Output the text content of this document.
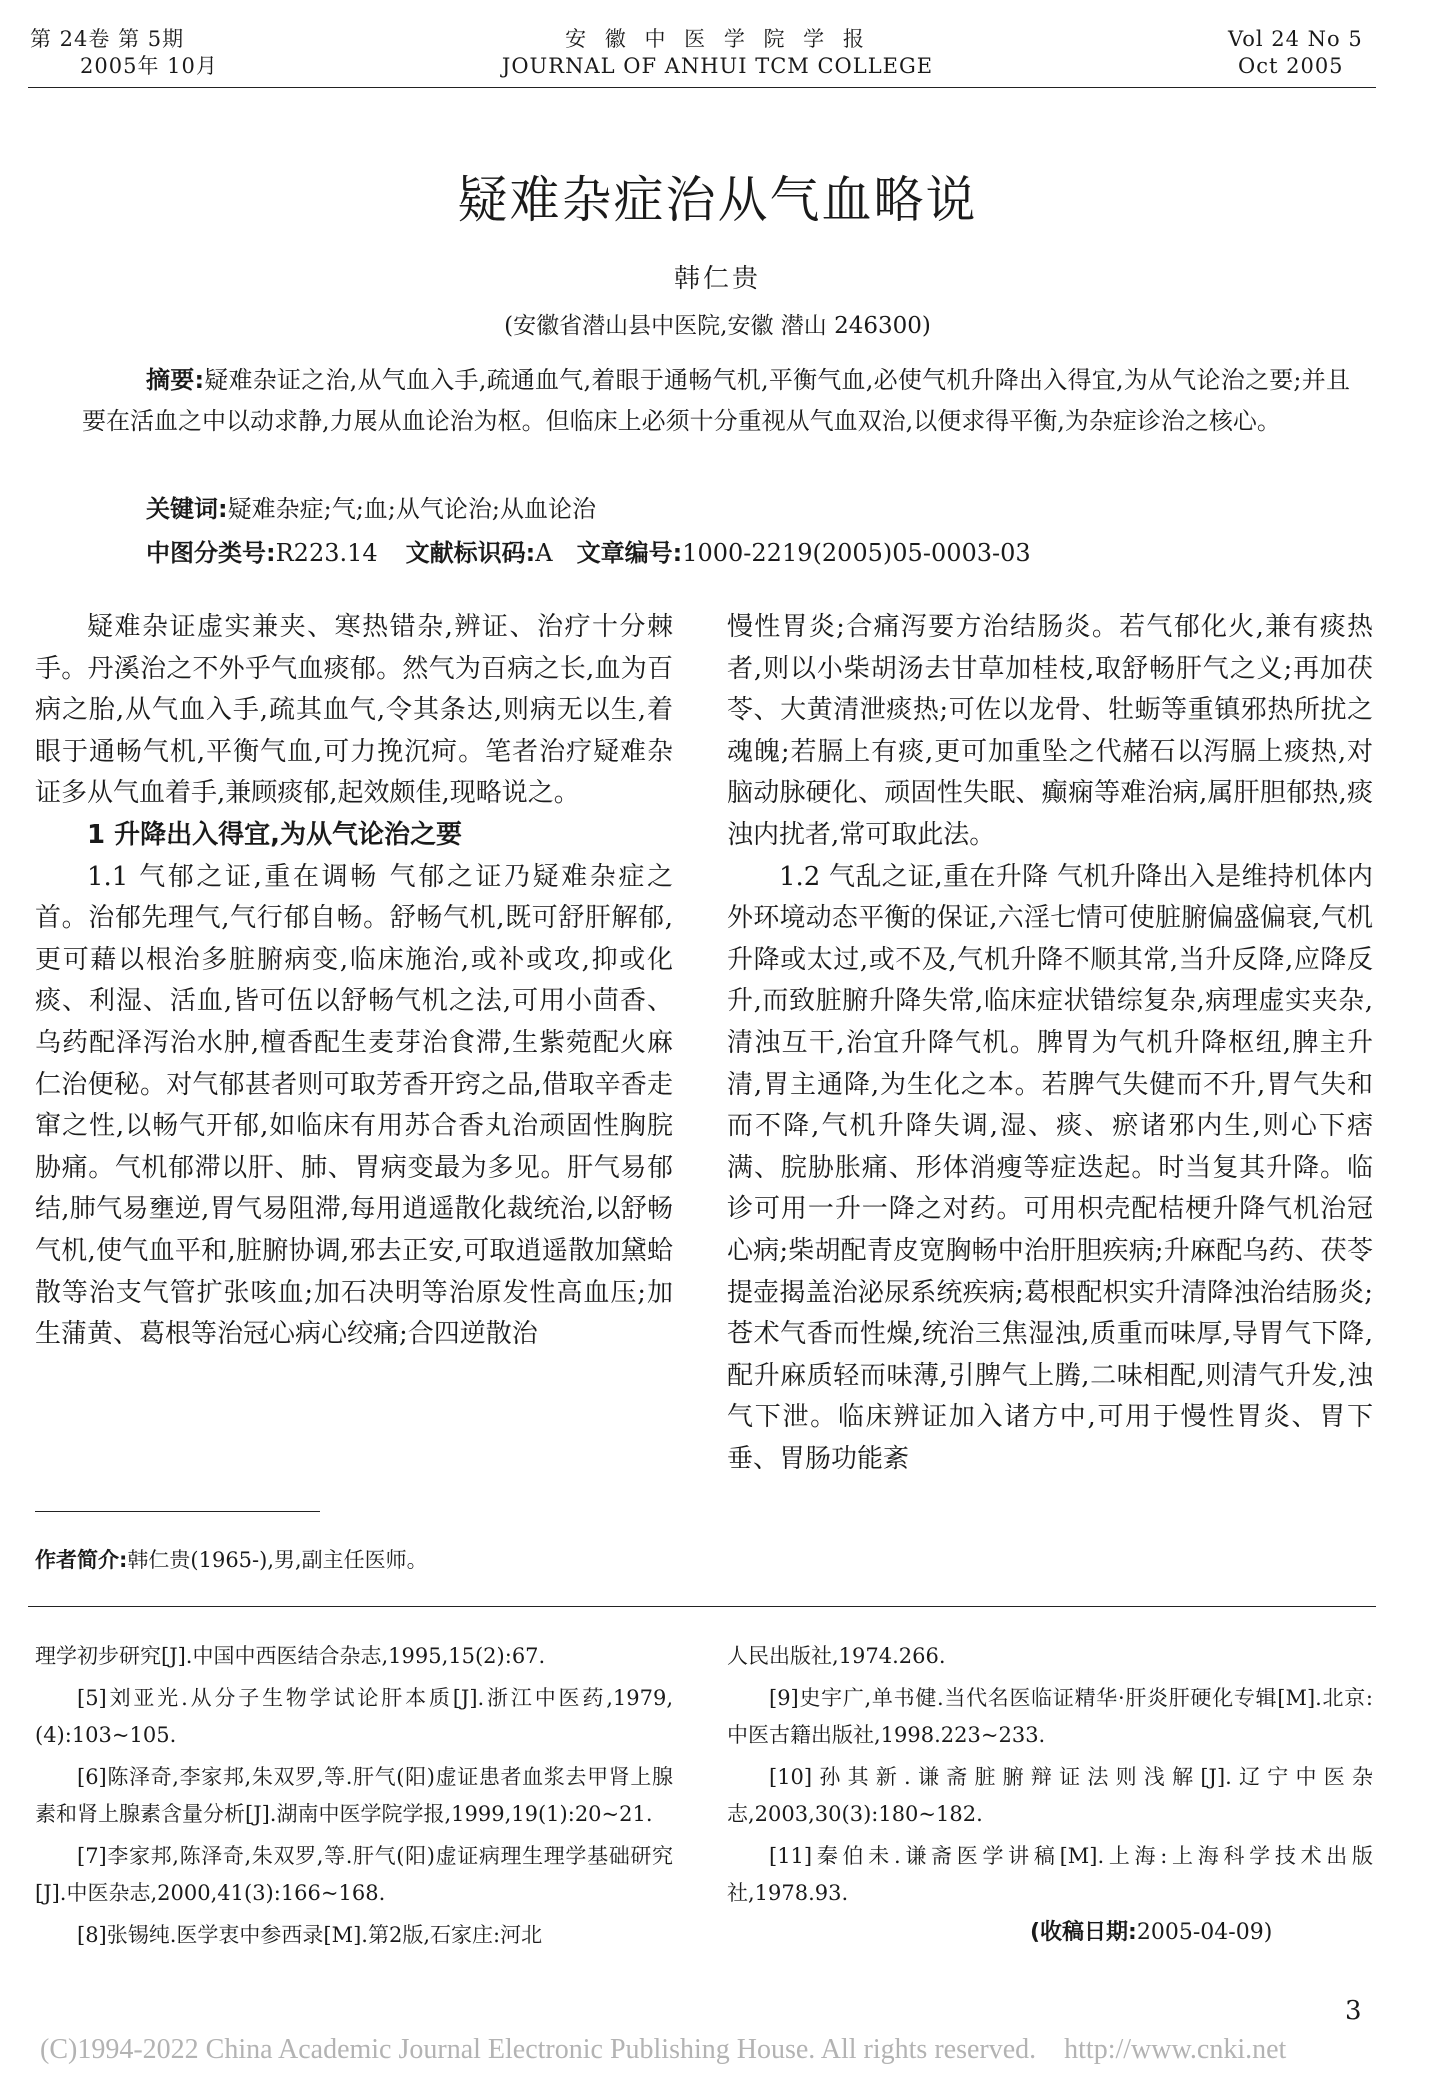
第 24卷 第 5期
2005年 10月
安 徽 中 医 学 院 学 报
JOURNAL OF ANHUI TCM COLLEGE
Vol 24 No 5
Oct 2005
疑难杂症治从气血略说
韩仁贵
(安徽省潜山县中医院,安徽 潜山 246300)
摘要:疑难杂证之治,从气血入手,疏通血气,着眼于通畅气机,平衡气血,必使气机升降出入得宜,为从气论治之要;并且要在活血之中以动求静,力展从血论治为枢。但临床上必须十分重视从气血双治,以便求得平衡,为杂症诊治之核心。
关键词:疑难杂症;气;血;从气论治;从血论治
中图分类号:R223.14 文献标识码:A 文章编号:1000-2219(2005)05-0003-03

疑难杂证虚实兼夹、寒热错杂,辨证、治疗十分棘手。丹溪治之不外乎气血痰郁。然气为百病之长,血为百病之胎,从气血入手,疏其血气,令其条达,则病无以生,着眼于通畅气机,平衡气血,可力挽沉疴。笔者治疗疑难杂证多从气血着手,兼顾痰郁,起效颇佳,现略说之。

1 升降出入得宜,为从气论治之要

1.1 气郁之证,重在调畅 气郁之证乃疑难杂症之首。治郁先理气,气行郁自畅。舒畅气机,既可舒肝解郁,更可藉以根治多脏腑病变,临床施治,或补或攻,抑或化痰、利湿、活血,皆可伍以舒畅气机之法,可用小茴香、乌药配泽泻治水肿,檀香配生麦芽治食滞,生紫菀配火麻仁治便秘。对气郁甚者则可取芳香开窍之品,借取辛香走窜之性,以畅气开郁,如临床有用苏合香丸治顽固性胸脘胁痛。气机郁滞以肝、肺、胃病变最为多见。肝气易郁结,肺气易壅逆,胃气易阻滞,每用逍遥散化裁统治,以舒畅气机,使气血平和,脏腑协调,邪去正安,可取逍遥散加黛蛤散等治支气管扩张咳血;加石决明等治原发性高血压;加生蒲黄、葛根等治冠心病心绞痛;合四逆散治

慢性胃炎;合痛泻要方治结肠炎。若气郁化火,兼有痰热者,则以小柴胡汤去甘草加桂枝,取舒畅肝气之义;再加茯苓、大黄清泄痰热;可佐以龙骨、牡蛎等重镇邪热所扰之魂魄;若膈上有痰,更可加重坠之代赭石以泻膈上痰热,对脑动脉硬化、顽固性失眠、癫痫等难治病,属肝胆郁热,痰浊内扰者,常可取此法。

1.2 气乱之证,重在升降 气机升降出入是维持机体内外环境动态平衡的保证,六淫七情可使脏腑偏盛偏衰,气机升降或太过,或不及,气机升降不顺其常,当升反降,应降反升,而致脏腑升降失常,临床症状错综复杂,病理虚实夹杂,清浊互干,治宜升降气机。脾胃为气机升降枢纽,脾主升清,胃主通降,为生化之本。若脾气失健而不升,胃气失和而不降,气机升降失调,湿、痰、瘀诸邪内生,则心下痞满、脘胁胀痛、形体消瘦等症迭起。时当复其升降。临诊可用一升一降之对药。可用枳壳配桔梗升降气机治冠心病;柴胡配青皮宽胸畅中治肝胆疾病;升麻配乌药、茯苓提壶揭盖治泌尿系统疾病;葛根配枳实升清降浊治结肠炎;苍术气香而性燥,统治三焦湿浊,质重而味厚,导胃气下降,配升麻质轻而味薄,引脾气上腾,二味相配,则清气升发,浊气下泄。临床辨证加入诸方中,可用于慢性胃炎、胃下垂、胃肠功能紊

作者简介:韩仁贵(1965-),男,副主任医师。

理学初步研究[J].中国中西医结合杂志,1995,15(2):67.

[5]刘亚光.从分子生物学试论肝本质[J].浙江中医药,1979,(4):103~105.

[6]陈泽奇,李家邦,朱双罗,等.肝气(阳)虚证患者血浆去甲肾上腺素和肾上腺素含量分析[J].湖南中医学院学报,1999,19(1):20~21.

[7]李家邦,陈泽奇,朱双罗,等.肝气(阳)虚证病理生理学基础研究[J].中医杂志,2000,41(3):166~168.

[8]张锡纯.医学衷中参西录[M].第2版,石家庄:河北

人民出版社,1974.266.

[9]史宇广,单书健.当代名医临证精华·肝炎肝硬化专辑[M].北京:中医古籍出版社,1998.223~233.

[10]孙其新.谦斋脏腑辩证法则浅解[J].辽宁中医杂志,2003,30(3):180~182.

[11]秦伯未.谦斋医学讲稿[M].上海:上海科学技术出版社,1978.93.

(收稿日期:2005-04-09)
3
(C)1994-2022 China Academic Journal Electronic Publishing House. All rights reserved.    http://www.cnki.net
